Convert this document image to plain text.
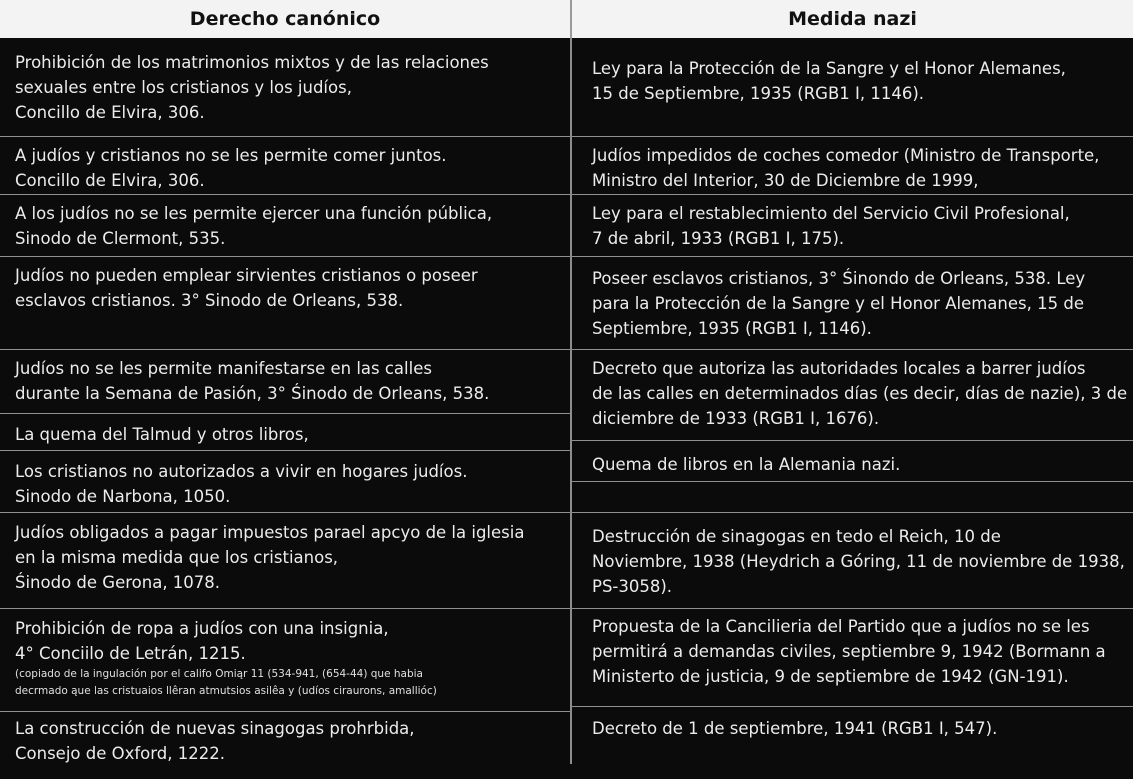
Derecho canónico	Medida nazi
Prohibición de los matrimonios mixtos y de las relaciones
sexuales entre los cristianos y los judíos,
Concillo de Elvira, 306.
A judíos y cristianos no se les permite comer juntos.
Concillo de Elvira, 306.
A los judíos no se les permite ejercer una función pública,
Sinodo de Clermont, 535.
Judíos no pueden emplear sirvientes cristianos o poseer
esclavos cristianos. 3° Sinodo de Orleans, 538.
Judíos no se les permite manifestarse en las calles
durante la Semana de Pasión, 3° Śinodo de Orleans, 538.
La quema del Talmud y otros libros,
Los cristianos no autorizados a vivir en hogares judíos.
Sinodo de Narbona, 1050.
Judíos obligados a pagar impuestos parael apcyo de la iglesia
en la misma medida que los cristianos,
Śinodo de Gerona, 1078.
Prohibición de ropa a judíos con una insignia,
4° Conciilo de Letrán, 1215.
(copiado de la ingulación por el califo Omiąr 11 (534-941, (654-44) que habia
decrmado ąue las cristuaios llêran atmutsios asilêa y (udíos ciraurons, amalliόc)
La construcción de nuevas sinagogas prohrbida,
Consejo de Oxford, 1222.
Ley para la Protección de la Sangre y el Honor Alemanes,
15 de Septiembre, 1935 (RGB1 I, 1146).
Judíos impedidos de coches comedor (Ministro de Transporte,
Ministro del Interior, 30 de Diciembre de 1999,
Ley para el restablecimiento del Servicio Civil Profesional,
7 de abril, 1933 (RGB1 I, 175).
Poseer esclavos cristianos, 3° Śinondo de Orleans, 538. Ley
para la Protección de la Sangre y el Honor Alemanes, 15 de
Septiembre, 1935 (RGB1 I, 1146).
Decreto que autoriza las autoridades locales a barrer judíos
de las calles en determinados días (es decir, días de nazie), 3 de
diciembre de 1933 (RGB1 I, 1676).
Quema de libros en la Alemania nazi.
Destrucción de sinagogas en tedo el Reich, 10 de
Noviembre, 1938 (Heydrich a Góring, 11 de noviembre de 1938,
PS-3058).
Propuesta de la Cancilieria del Partido que a judíos no se les
permitirá a demandas civiles, septiembre 9, 1942 (Bormann a
Ministerto de justicia, 9 de septiembre de 1942 (GN-191).
Decreto de 1 de septiembre, 1941 (RGB1 I, 547).
